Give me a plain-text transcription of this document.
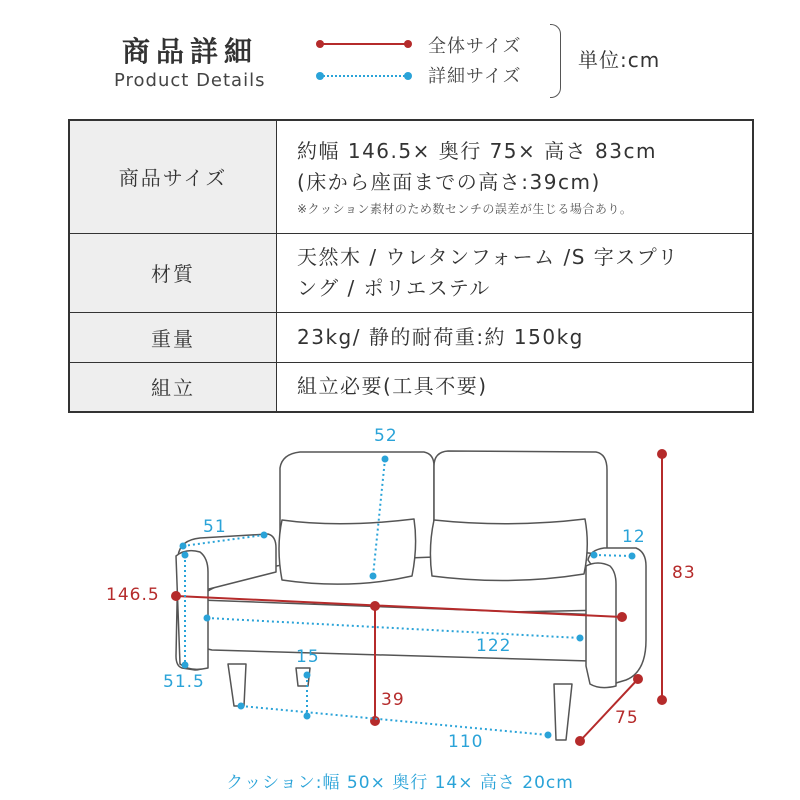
商品詳細
Product Details
全体サイズ
詳細サイズ
単位:cm
商品サイズ	約幅 146.5× 奥行 75× 高さ 83cm
(床から座面までの高さ:39cm)
※クッション素材のため数センチの誤差が生じる場合あり。

材質	天然木 / ウレタンフォーム /S 字スプリ
ング / ポリエステル

重量	23kg/ 静的耐荷重:約 150kg
組立	組立必要(工具不要)
52
51	12
83
146.5
122
15
51.5
39
75
110
クッション:幅 50× 奥行 14× 高さ 20cm
